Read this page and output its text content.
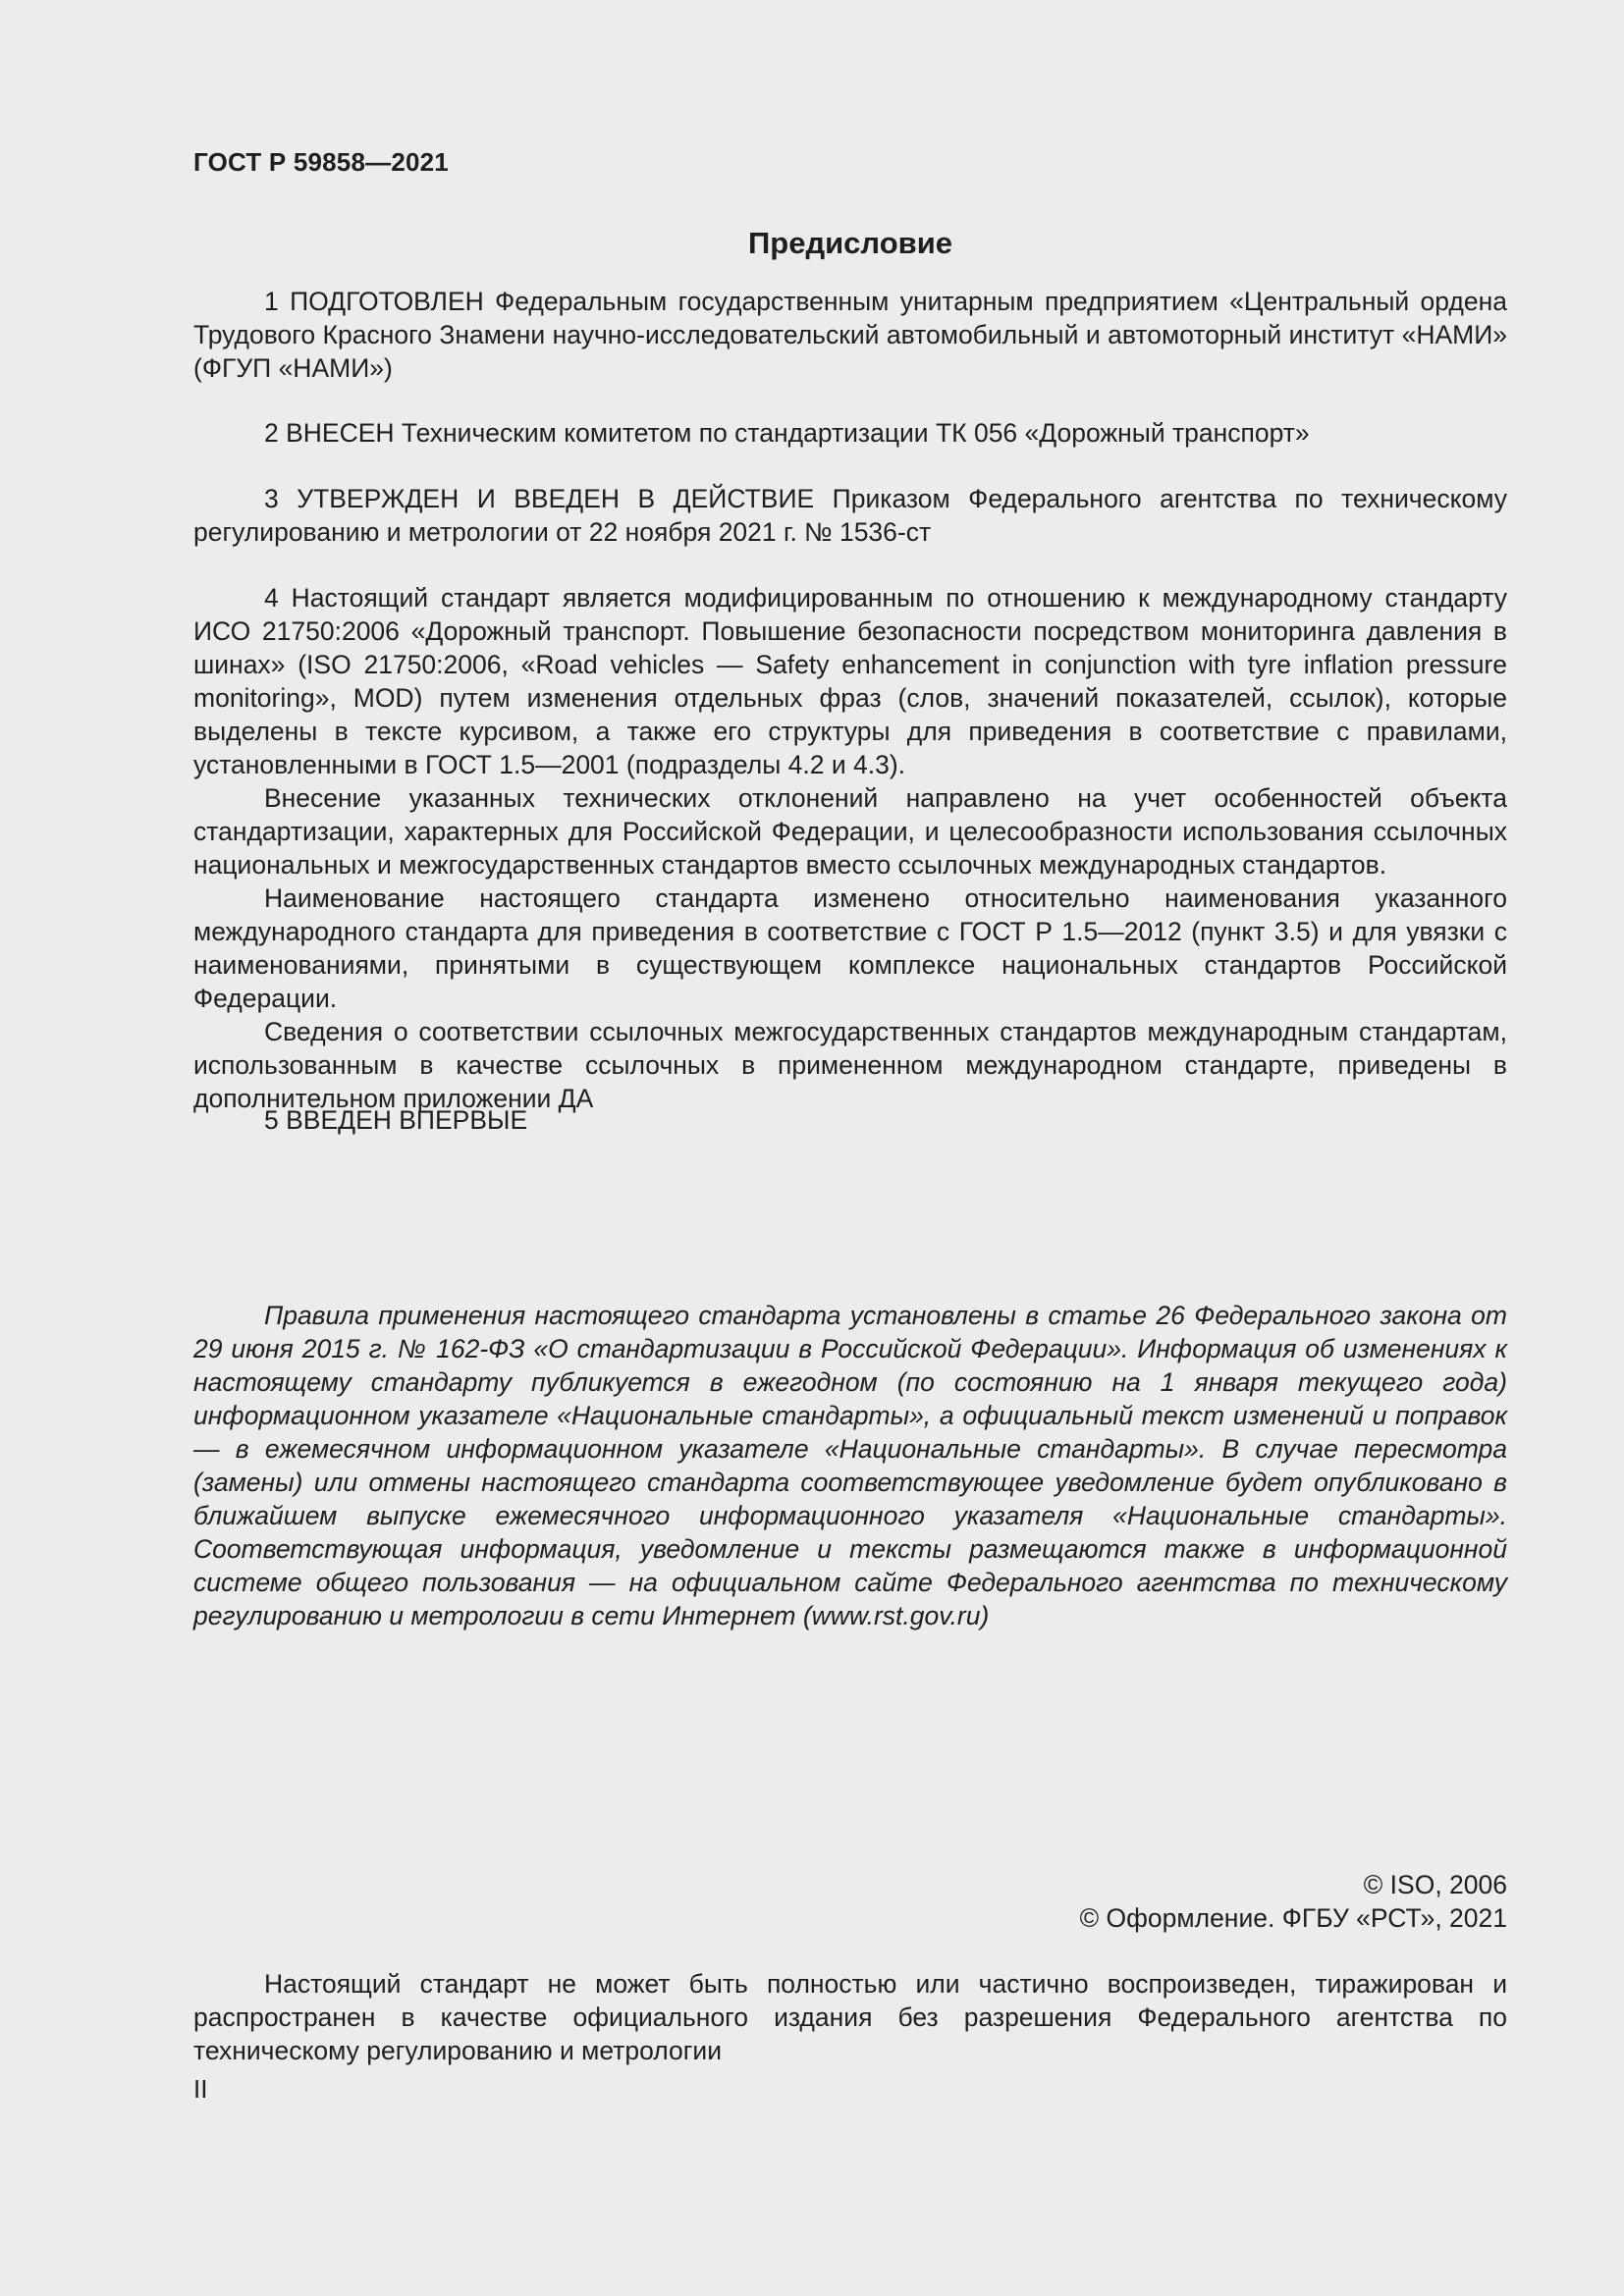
ГОСТ Р 59858—2021
Предисловие

1 ПОДГОТОВЛЕН Федеральным государственным унитарным предприятием «Центральный ордена Трудового Красного Знамени научно-исследовательский автомобильный и автомоторный институт «НАМИ» (ФГУП «НАМИ»)

2 ВНЕСЕН Техническим комитетом по стандартизации ТК 056 «Дорожный транспорт»

3 УТВЕРЖДЕН И ВВЕДЕН В ДЕЙСТВИЕ Приказом Федерального агентства по техническому регулированию и метрологии от 22 ноября 2021 г. № 1536-ст

4 Настоящий стандарт является модифицированным по отношению к международному стандарту ИСО 21750:2006 «Дорожный транспорт. Повышение безопасности посредством мониторинга давления в шинах» (ISO 21750:2006, «Road vehicles — Safety enhancement in conjunction with tyre inflation pressure monitoring», MOD) путем изменения отдельных фраз (слов, значений показателей, ссылок), которые выделены в тексте курсивом, а также его структуры для приведения в соответствие с правилами, установленными в ГОСТ 1.5—2001 (подразделы 4.2 и 4.3).

Внесение указанных технических отклонений направлено на учет особенностей объекта стандартизации, характерных для Российской Федерации, и целесообразности использования ссылочных национальных и межгосударственных стандартов вместо ссылочных международных стандартов.

Наименование настоящего стандарта изменено относительно наименования указанного международного стандарта для приведения в соответствие с ГОСТ Р 1.5—2012 (пункт 3.5) и для увязки с наименованиями, принятыми в существующем комплексе национальных стандартов Российской Федерации.

Сведения о соответствии ссылочных межгосударственных стандартов международным стандартам, использованным в качестве ссылочных в примененном международном стандарте, приведены в дополнительном приложении ДА

5 ВВЕДЕН ВПЕРВЫЕ

Правила применения настоящего стандарта установлены в статье 26 Федерального закона от 29 июня 2015 г. № 162-ФЗ «О стандартизации в Российской Федерации». Информация об изменениях к настоящему стандарту публикуется в ежегодном (по состоянию на 1 января текущего года) информационном указателе «Национальные стандарты», а официальный текст изменений и поправок — в ежемесячном информационном указателе «Национальные стандарты». В случае пересмотра (замены) или отмены настоящего стандарта соответствующее уведомление будет опубликовано в ближайшем выпуске ежемесячного информационного указателя «Национальные стандарты». Соответствующая информация, уведомление и тексты размещаются также в информационной системе общего пользования — на официальном сайте Федерального агентства по техническому регулированию и метрологии в сети Интернет (www.rst.gov.ru)

© ISO, 2006
© Оформление. ФГБУ «РСТ», 2021

Настоящий стандарт не может быть полностью или частично воспроизведен, тиражирован и распространен в качестве официального издания без разрешения Федерального агентства по техническому регулированию и метрологии

II
